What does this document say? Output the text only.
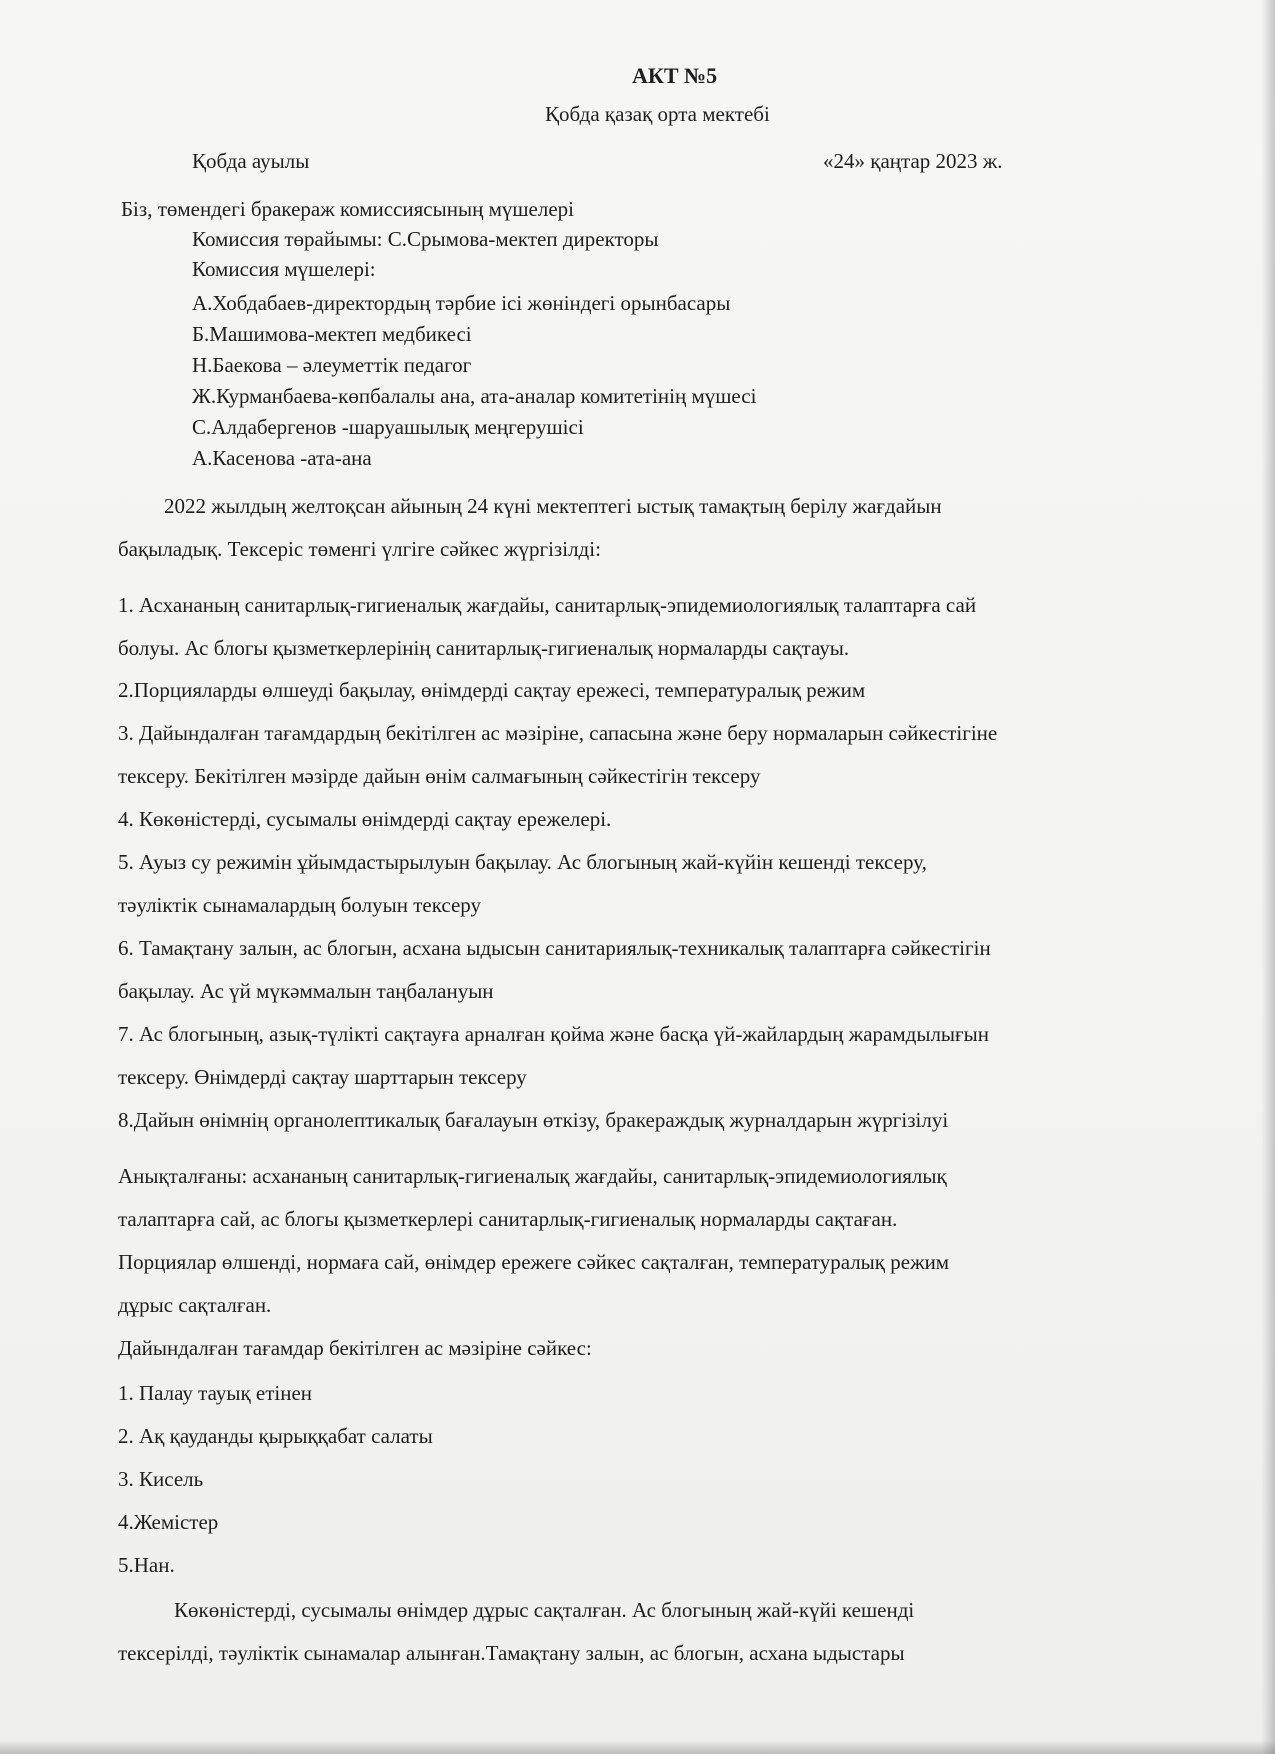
АКТ №5
Қобда қазақ орта мектебі
Қобда ауылы	«24» қаңтар 2023 ж.
Біз, төмендегі бракераж комиссиясының мүшелері
Комиссия төрайымы: С.Срымова-мектеп директоры
Комиссия мүшелері:
А.Хобдабаев-директордың тәрбие ісі жөніндегі орынбасары
Б.Машимова-мектеп медбикесі
Н.Баекова – әлеуметтік педагог
Ж.Курманбаева-көпбалалы ана, ата-аналар комитетінің мүшесі
С.Алдабергенов -шаруашылық меңгерушісі
А.Касенова -ата-ана
2022 жылдың желтоқсан айының 24 күні мектептегі ыстық тамақтың берілу жағдайын
бақыладық. Тексеріс төменгі үлгіге сәйкес жүргізілді:
1. Асхананың санитарлық-гигиеналық жағдайы, санитарлық-эпидемиологиялық талаптарға сай
болуы. Ас блогы қызметкерлерінің санитарлық-гигиеналық нормаларды сақтауы.
2.Порцияларды өлшеуді бақылау, өнімдерді сақтау ережесі, температуралық режим
3. Дайындалған тағамдардың бекітілген ас мәзіріне, сапасына және беру нормаларын сәйкестігіне
тексеру. Бекітілген мәзірде дайын өнім салмағының сәйкестігін тексеру
4. Көкөністерді, сусымалы өнімдерді сақтау ережелері.
5. Ауыз су режимін ұйымдастырылуын бақылау. Ас блогының жай-күйін кешенді тексеру,
тәуліктік сынамалардың болуын тексеру
6. Тамақтану залын, ас блогын, асхана ыдысын санитариялық-техникалық талаптарға сәйкестігін
бақылау. Ас үй мүкәммалын таңбалануын
7. Ас блогының, азық-түлікті сақтауға арналған қойма және басқа үй-жайлардың жарамдылығын
тексеру. Өнімдерді сақтау шарттарын тексеру
8.Дайын өнімнің органолептикалық бағалауын өткізу, бракераждық журналдарын жүргізілуі
Анықталғаны: асхананың санитарлық-гигиеналық жағдайы, санитарлық-эпидемиологиялық
талаптарға сай, ас блогы қызметкерлері санитарлық-гигиеналық нормаларды сақтаған.
Порциялар өлшенді, нормаға сай, өнімдер ережеге сәйкес сақталған, температуралық режим
дұрыс сақталған.
Дайындалған тағамдар бекітілген ас мәзіріне сәйкес:
1. Палау тауық етінен
2. Ақ қауданды қырыққабат салаты
3. Кисель
4.Жемістер
5.Нан.
Көкөністерді, сусымалы өнімдер дұрыс сақталған. Ас блогының жай-күйі кешенді
тексерілді, тәуліктік сынамалар алынған.Тамақтану залын, ас блогын, асхана ыдыстары
